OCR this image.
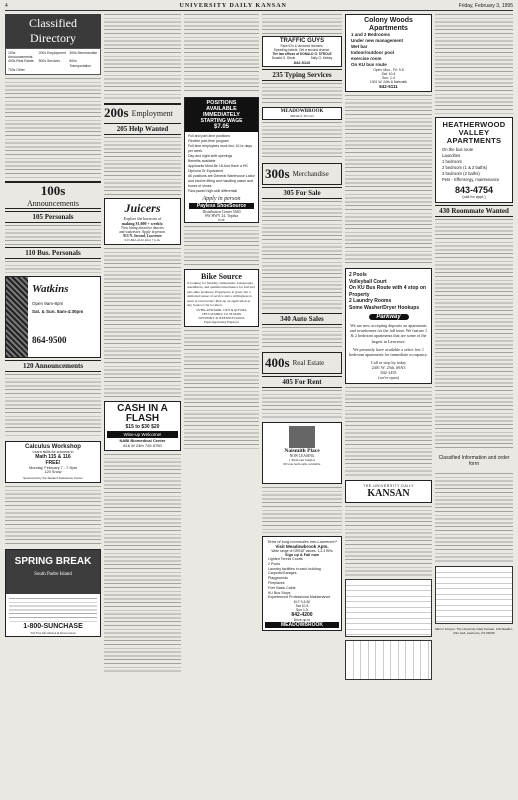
4	UNIVERSITY DAILY KANSAN	Friday, February 3, 1995
Classified Directory
100s Announcements
200s Employment	300s Merchandise
400s Real Estate	500s Services	600s Transportation
700s Other
100s
Announcements
105 Personals
110 Bus. Personals
Watkins
Open 9am-8pm
Sat. & Sun. 8am-4:30pm
864-9500
120 Announcements
Calculus Workshop
Learn skills for success in
Math 115 & 116
FREE!
Monday, February 7 - 7-9pm
120 Snow
Sponsored by the Student Assistance Center
SPRING BREAK
South Padre Island
1-800-SUNCHASE
Toll Free Information & Reservations
200s Employment
205 Help Wanted
Juicers
Explore the horizons of
making $1,000 + weekly.
Now hiring attractive dancers
and waitresses. Apply in person.
913 N. Second, Lawrence
913-842-4122 after 7 p.m.
CASH IN A FLASH
$15 to $30 $20
Wise-up Welcome!
NABI Biomedical Center
816 W 24th 749-5750
POSITIONS
AVAILABLE
IMMEDIATELY
STARTING WAGE
$7.05
Full and part-time positions
Flexible part-time program
Full time employees work four 10-hr days per week
Day and night shift openings
Benefits available
Applicants Must Be 18 And Have a HS Diploma Or Equivalent
All positions are General Warehouse Labor and involve lifting and handling cases and boxes of shoes
Fast-paced high-skill differential
Apply in person
Payless ShoeSource
Distribution Center 5040
SW HWY 24, Topeka
EOE
Bike Source
is looking for friendly, enthusiastic salespeople, assemblers, and qualified mechanics for full and part-time positions. Experience is great, but a dedicated sense of service and a willingness to learn is even better! Pick up an application at any Source City location.
OVERLAND PARK: 11970 & QUIVIRA
LEE'S SUMMIT: 231 SE MAIN
WESTPORT: 4118 PENNSYLVANIA
Equal Opportunity Employer
TRAFFIC GUYS
Fake ID's & doctored licenses.
Speeding tickets. Get a second chance.
The law offices of DONALD G. STROLE
Donald G. Strole	Sally G. Kelsey
842-5116
235 Typing Services
MEADOWBROOK
MEALS TO GO
300s Merchandise
305 For Sale
340 Auto Sales
400s Real Estate
405 For Rent
Naismith Place
NOW LEASING
1 Bedroom Studios
Private bedrooms available
Tired of long commutes into Lawrence?
Visit Meadowbrook Apts.
Wide range of GREAT values. 1-2-3 BRs
Sign up & Fall now
Lighted Tennis Courts
2 Pools
Laundry facilities in each building
Carports/Garages
Playgrounds
Fireplaces
Free Basic Cable
KU Bus Stops
Experienced Professional Maintenance
M-F 9-5:30
Sat 10-5
Sun 1-5
842-4200
Drive up to
MEADOWBROOK
Colony Woods Apartments
1 and 2 Bedrooms
Under new management
Wet bar
Indoor/outdoor pool
exercise room
On KU bus route
Open: Mon - Fri: 9-5
Sat: 10-4
Sun: 1-4
1301 W. 24th & Naismith
842-5111
2 Pools
Volleyball Court
On KU Bus Route with 4 stop on Property
2 Laundry Rooms
Some Washer/Dryer Hookups
Parkway
We are now accepting deposits on apartments and townhomes for the fall term. We feature 1 & 2 bedroom apartments that are some of the largest in Lawrence.
We presently have available a select few 1 bedroom apartments for immediate occupancy.
Call or stop by today
2401 W. 25th, #9A3
842-1455
(we're open)
THE UNIVERSITY DAILY
KANSAN
HEATHERWOOD VALLEY APARTMENTS
On the bus route
Laundries
1 bedroom
2 bedroom (1 & 2 baths)
3 bedroom (2 baths)
Pets - Effenrergy, maintenance
843-4754
(call for appt.)
430 Roommate Wanted
Classified Information and order form
Mail or bring to: The University Daily Kansan, 119 Stauffer-Flint Hall, Lawrence, KS 66045
